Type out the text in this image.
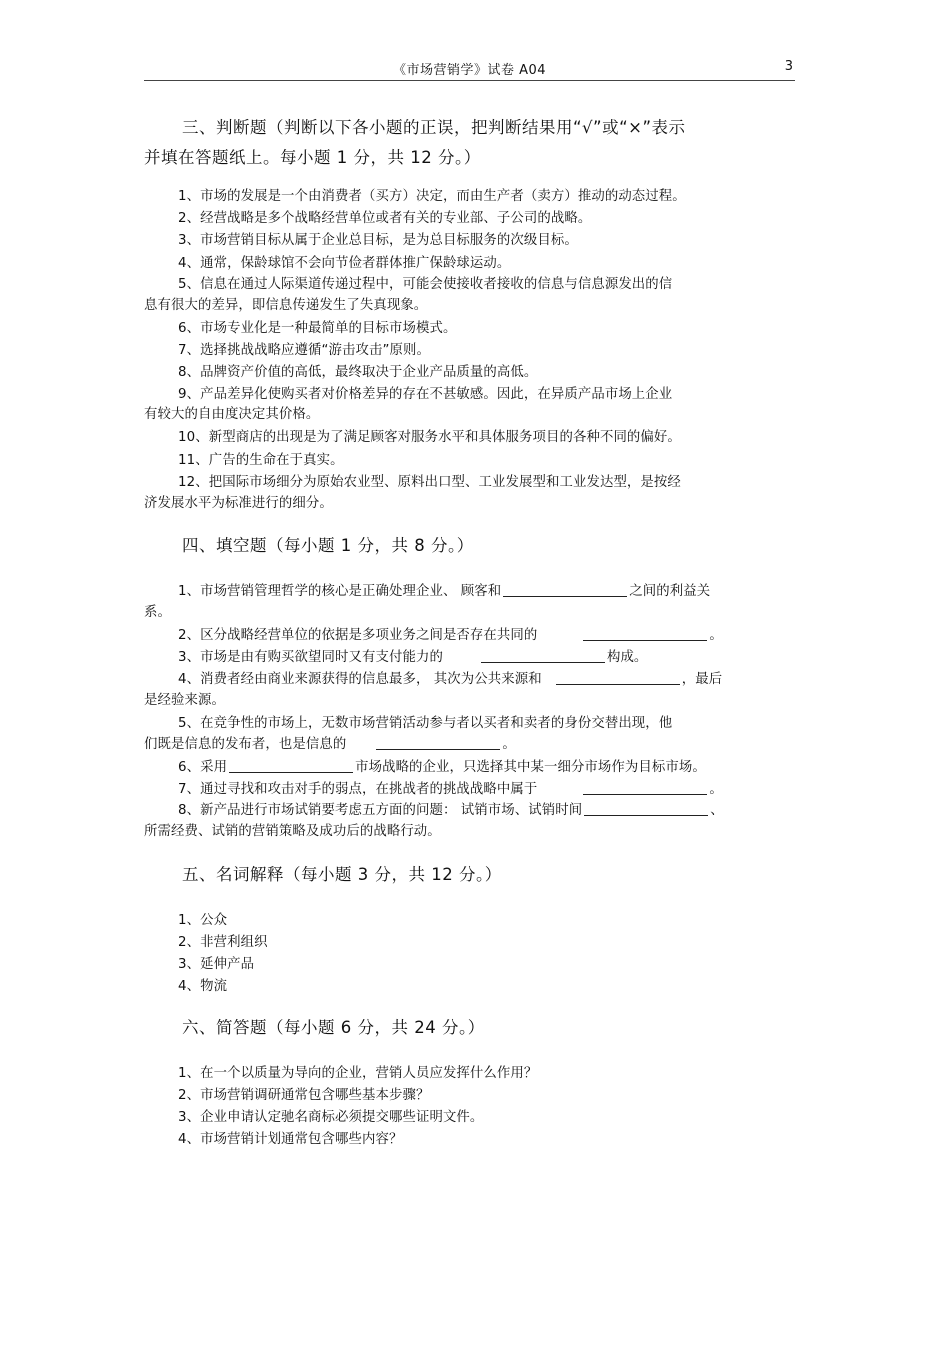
《市场营销学》试卷 A04	3
三、判断题（判断以下各小题的正误，把判断结果用“√”或“×”表示
并填在答题纸上。每小题 1 分，共 12 分。）
1、市场的发展是一个由消费者（买方）决定，而由生产者（卖方）推动的动态过程。
2、经营战略是多个战略经营单位或者有关的专业部、子公司的战略。
3、市场营销目标从属于企业总目标，是为总目标服务的次级目标。
4、通常，保龄球馆不会向节俭者群体推广保龄球运动。
5、信息在通过人际渠道传递过程中，可能会使接收者接收的信息与信息源发出的信
息有很大的差异，即信息传递发生了失真现象。
6、市场专业化是一种最简单的目标市场模式。
7、选择挑战战略应遵循“游击攻击”原则。
8、品牌资产价值的高低，最终取决于企业产品质量的高低。
9、产品差异化使购买者对价格差异的存在不甚敏感。因此，在异质产品市场上企业
有较大的自由度决定其价格。
10、新型商店的出现是为了满足顾客对服务水平和具体服务项目的各种不同的偏好。
11、广告的生命在于真实。
12、把国际市场细分为原始农业型、原料出口型、工业发展型和工业发达型，是按经
济发展水平为标准进行的细分。
四、填空题（每小题 1 分，共 8 分。）
1、市场营销管理哲学的核心是正确处理企业、 顾客和	之间的利益关
系。
2、区分战略经营单位的依据是多项业务之间是否存在共同的	。
3、市场是由有购买欲望同时又有支付能力的	构成。
4、消费者经由商业来源获得的信息最多， 其次为公共来源和	，最后
是经验来源。
5、在竞争性的市场上，无数市场营销活动参与者以买者和卖者的身份交替出现，他
们既是信息的发布者，也是信息的	。
6、采用	市场战略的企业，只选择其中某一细分市场作为目标市场。
7、通过寻找和攻击对手的弱点，在挑战者的挑战战略中属于	。
8、新产品进行市场试销要考虑五方面的问题： 试销市场、试销时间	、
所需经费、试销的营销策略及成功后的战略行动。
五、名词解释（每小题 3 分，共 12 分。）
1、公众
2、非营利组织
3、延伸产品
4、物流
六、简答题（每小题 6 分，共 24 分。）
1、在一个以质量为导向的企业，营销人员应发挥什么作用？
2、市场营销调研通常包含哪些基本步骤？
3、企业申请认定驰名商标必须提交哪些证明文件。
4、市场营销计划通常包含哪些内容？
